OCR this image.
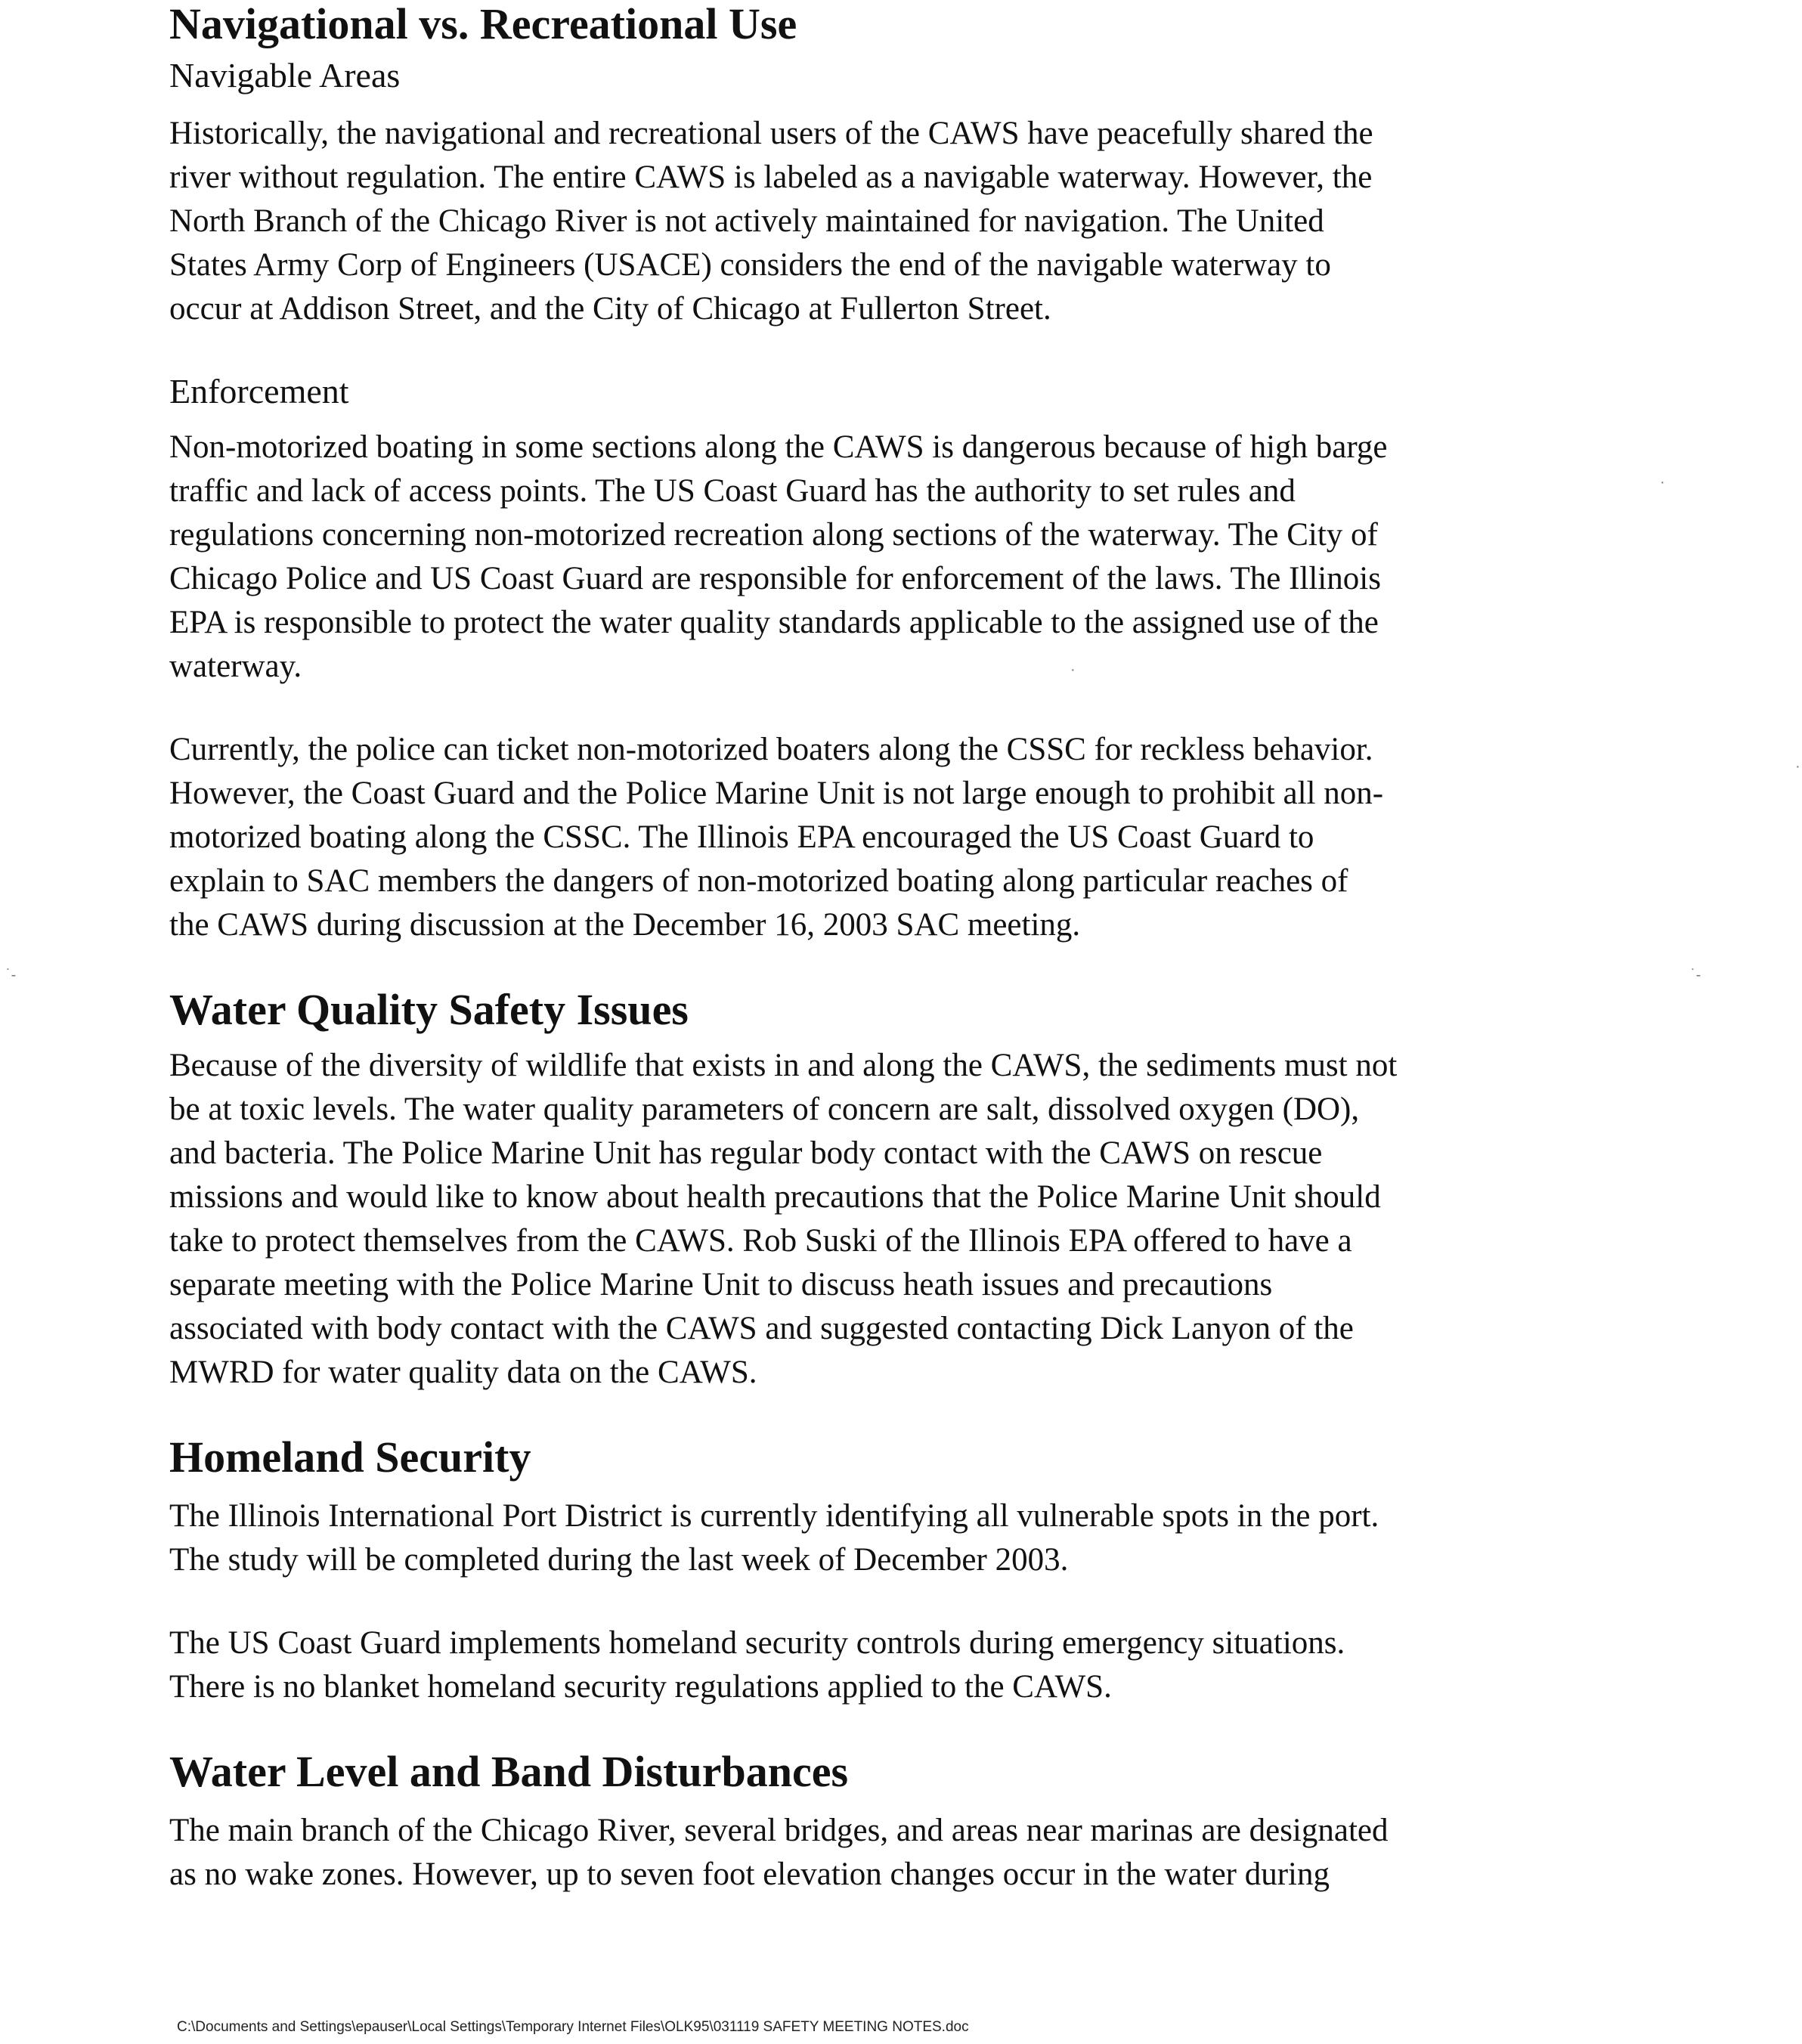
Navigational vs. Recreational Use
Navigable Areas
Historically, the navigational and recreational users of the CAWS have peacefully shared the
river without regulation. The entire CAWS is labeled as a navigable waterway. However, the
North Branch of the Chicago River is not actively maintained for navigation. The United
States Army Corp of Engineers (USACE) considers the end of the navigable waterway to
occur at Addison Street, and the City of Chicago at Fullerton Street.
Enforcement
Non-motorized boating in some sections along the CAWS is dangerous because of high barge
traffic and lack of access points. The US Coast Guard has the authority to set rules and
regulations concerning non-motorized recreation along sections of the waterway. The City of
Chicago Police and US Coast Guard are responsible for enforcement of the laws. The Illinois
EPA is responsible to protect the water quality standards applicable to the assigned use of the
waterway.
Currently, the police can ticket non-motorized boaters along the CSSC for reckless behavior.
However, the Coast Guard and the Police Marine Unit is not large enough to prohibit all non-
motorized boating along the CSSC. The Illinois EPA encouraged the US Coast Guard to
explain to SAC members the dangers of non-motorized boating along particular reaches of
the CAWS during discussion at the December 16, 2003 SAC meeting.
Water Quality Safety Issues
Because of the diversity of wildlife that exists in and along the CAWS, the sediments must not
be at toxic levels. The water quality parameters of concern are salt, dissolved oxygen (DO),
and bacteria. The Police Marine Unit has regular body contact with the CAWS on rescue
missions and would like to know about health precautions that the Police Marine Unit should
take to protect themselves from the CAWS. Rob Suski of the Illinois EPA offered to have a
separate meeting with the Police Marine Unit to discuss heath issues and precautions
associated with body contact with the CAWS and suggested contacting Dick Lanyon of the
MWRD for water quality data on the CAWS.
Homeland Security
The Illinois International Port District is currently identifying all vulnerable spots in the port.
The study will be completed during the last week of December 2003.
The US Coast Guard implements homeland security controls during emergency situations.
There is no blanket homeland security regulations applied to the CAWS.
Water Level and Band Disturbances
The main branch of the Chicago River, several bridges, and areas near marinas are designated
as no wake zones. However, up to seven foot elevation changes occur in the water during
·
·
˙-	˙-
·
C:\Documents and Settings\epauser\Local Settings\Temporary Internet Files\OLK95\031119 SAFETY MEETING NOTES.doc
